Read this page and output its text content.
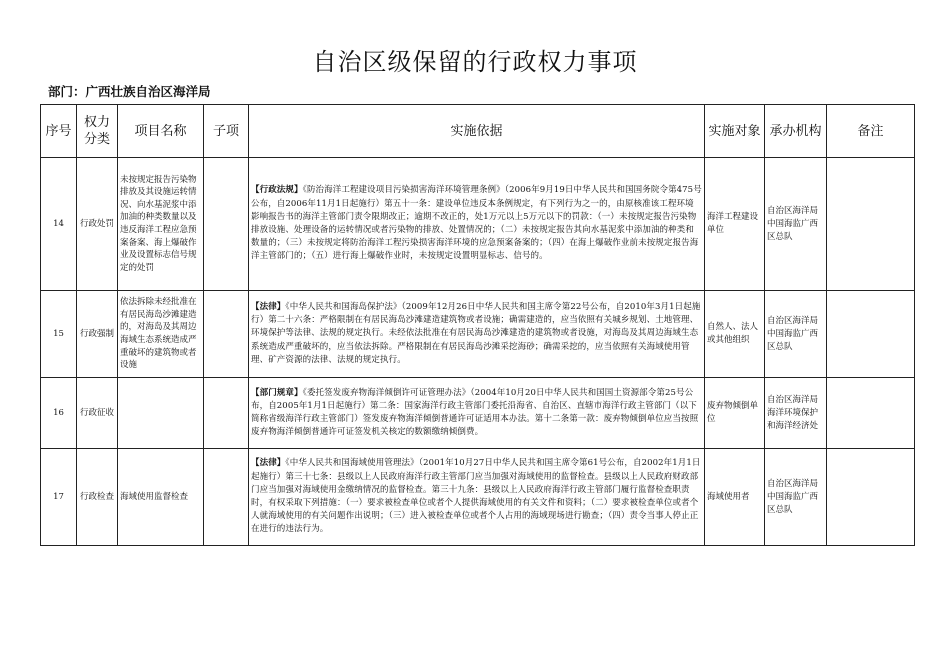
自治区级保留的行政权力事项
部门：广西壮族自治区海洋局
序号	权力分类	项目名称	子项	实施依据	实施对象	承办机构	备注
14	行政处罚	未按规定报告污染物排放及其设施运转情况、向水基泥浆中添加油的种类数量以及违反海洋工程应急预案备案、海上爆破作业及设置标志信号规定的处罚		【行政法规】《防治海洋工程建设项目污染损害海洋环境管理条例》（2006年9月19日中华人民共和国国务院令第475号公布，自2006年11月1日起施行）第五十一条：建设单位违反本条例规定，有下列行为之一的，由原核准该工程环境影响报告书的海洋主管部门责令限期改正；逾期不改正的，处1万元以上5万元以下的罚款：（一）未按规定报告污染物排放设施、处理设备的运转情况或者污染物的排放、处置情况的；（二）未按规定报告其向水基泥浆中添加油的种类和数量的；（三）未按规定将防治海洋工程污染损害海洋环境的应急预案备案的；（四）在海上爆破作业前未按规定报告海洋主管部门的；（五）进行海上爆破作业时，未按规定设置明显标志、信号的。	海洋工程建设单位	自治区海洋局中国海监广西区总队	
15	行政强制	依法拆除未经批准在有居民海岛沙滩建造的，对海岛及其周边海域生态系统造成严重破坏的建筑物或者设施		【法律】《中华人民共和国海岛保护法》（2009年12月26日中华人民共和国主席令第22号公布，自2010年3月1日起施行）第二十六条：严格限制在有居民海岛沙滩建造建筑物或者设施；确需建造的，应当依照有关城乡规划、土地管理、环境保护等法律、法规的规定执行。未经依法批准在有居民海岛沙滩建造的建筑物或者设施，对海岛及其周边海域生态系统造成严重破坏的，应当依法拆除。严格限制在有居民海岛沙滩采挖海砂；确需采挖的，应当依照有关海域使用管理、矿产资源的法律、法规的规定执行。	自然人、法人或其他组织	自治区海洋局中国海监广西区总队	
16	行政征收			【部门规章】《委托签发废弃物海洋倾倒许可证管理办法》（2004年10月20日中华人民共和国国土资源部令第25号公布，自2005年1月1日起施行）第二条：国家海洋行政主管部门委托沿海省、自治区、直辖市海洋行政主管部门（以下简称省级海洋行政主管部门）签发废弃物海洋倾倒普通许可证适用本办法。第十二条第一款：废弃物倾倒单位应当按照废弃物海洋倾倒普通许可证签发机关核定的数额缴纳倾倒费。	废弃物倾倒单位	自治区海洋局海洋环境保护和海洋经济处	
17	行政检查	海域使用监督检查		【法律】《中华人民共和国海域使用管理法》（2001年10月27日中华人民共和国主席令第61号公布，自2002年1月1日起施行）第三十七条：县级以上人民政府海洋行政主管部门应当加强对海域使用的监督检查。县级以上人民政府财政部门应当加强对海域使用金缴纳情况的监督检查。第三十九条：县级以上人民政府海洋行政主管部门履行监督检查职责时，有权采取下列措施：（一）要求被检查单位或者个人提供海域使用的有关文件和资料；（二）要求被检查单位或者个人就海域使用的有关问题作出说明；（三）进入被检查单位或者个人占用的海域现场进行勘查；（四）责令当事人停止正在进行的违法行为。	海域使用者	自治区海洋局中国海监广西区总队	
